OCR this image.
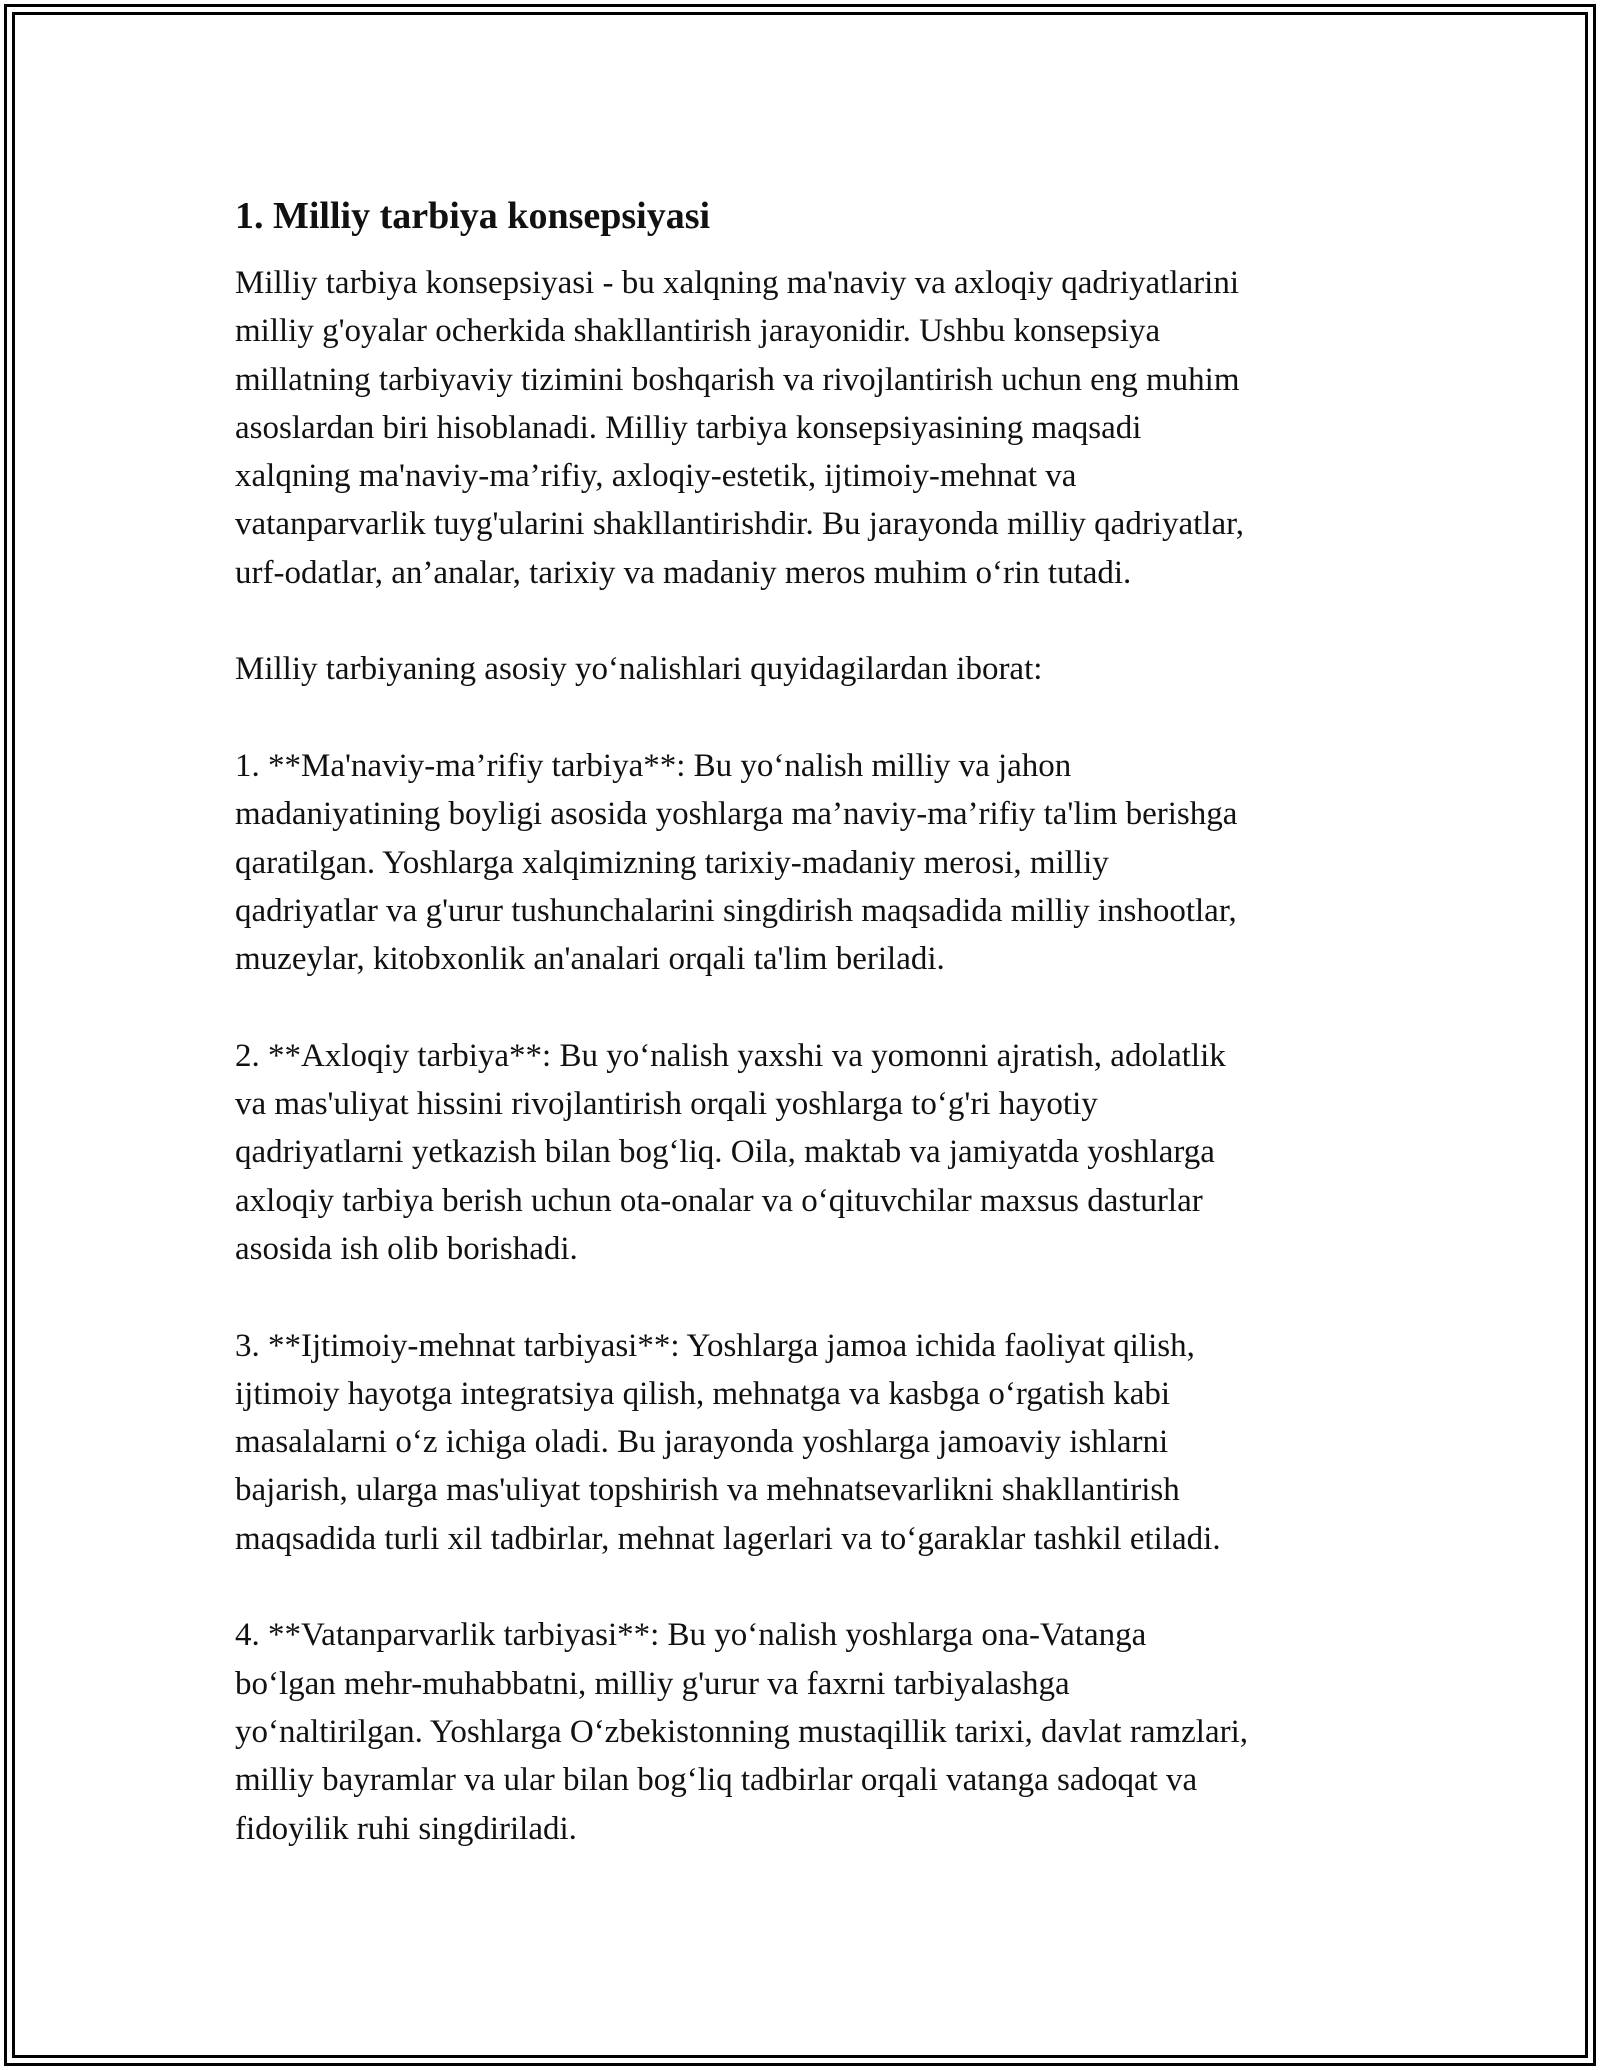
1. Milliy tarbiya konsepsiyasi
Milliy tarbiya konsepsiyasi - bu xalqning ma'naviy va axloqiy qadriyatlarini
milliy g'oyalar ocherkida shakllantirish jarayonidir. Ushbu konsepsiya
millatning tarbiyaviy tizimini boshqarish va rivojlantirish uchun eng muhim
asoslardan biri hisoblanadi. Milliy tarbiya konsepsiyasining maqsadi
xalqning ma'naviy-ma’rifiy, axloqiy-estetik, ijtimoiy-mehnat va
vatanparvarlik tuyg'ularini shakllantirishdir. Bu jarayonda milliy qadriyatlar,
urf-odatlar, an’analar, tarixiy va madaniy meros muhim o‘rin tutadi.
Milliy tarbiyaning asosiy yo‘nalishlari quyidagilardan iborat:
1. **Ma'naviy-ma’rifiy tarbiya**: Bu yo‘nalish milliy va jahon
madaniyatining boyligi asosida yoshlarga ma’naviy-ma’rifiy ta'lim berishga
qaratilgan. Yoshlarga xalqimizning tarixiy-madaniy merosi, milliy
qadriyatlar va g'urur tushunchalarini singdirish maqsadida milliy inshootlar,
muzeylar, kitobxonlik an'analari orqali ta'lim beriladi.
2. **Axloqiy tarbiya**: Bu yo‘nalish yaxshi va yomonni ajratish, adolatlik
va mas'uliyat hissini rivojlantirish orqali yoshlarga to‘g'ri hayotiy
qadriyatlarni yetkazish bilan bog‘liq. Oila, maktab va jamiyatda yoshlarga
axloqiy tarbiya berish uchun ota-onalar va o‘qituvchilar maxsus dasturlar
asosida ish olib borishadi.
3. **Ijtimoiy-mehnat tarbiyasi**: Yoshlarga jamoa ichida faoliyat qilish,
ijtimoiy hayotga integratsiya qilish, mehnatga va kasbga o‘rgatish kabi
masalalarni o‘z ichiga oladi. Bu jarayonda yoshlarga jamoaviy ishlarni
bajarish, ularga mas'uliyat topshirish va mehnatsevarlikni shakllantirish
maqsadida turli xil tadbirlar, mehnat lagerlari va to‘garaklar tashkil etiladi.
4. **Vatanparvarlik tarbiyasi**: Bu yo‘nalish yoshlarga ona-Vatanga
bo‘lgan mehr-muhabbatni, milliy g'urur va faxrni tarbiyalashga
yo‘naltirilgan. Yoshlarga O‘zbekistonning mustaqillik tarixi, davlat ramzlari,
milliy bayramlar va ular bilan bog‘liq tadbirlar orqali vatanga sadoqat va
fidoyilik ruhi singdiriladi.
